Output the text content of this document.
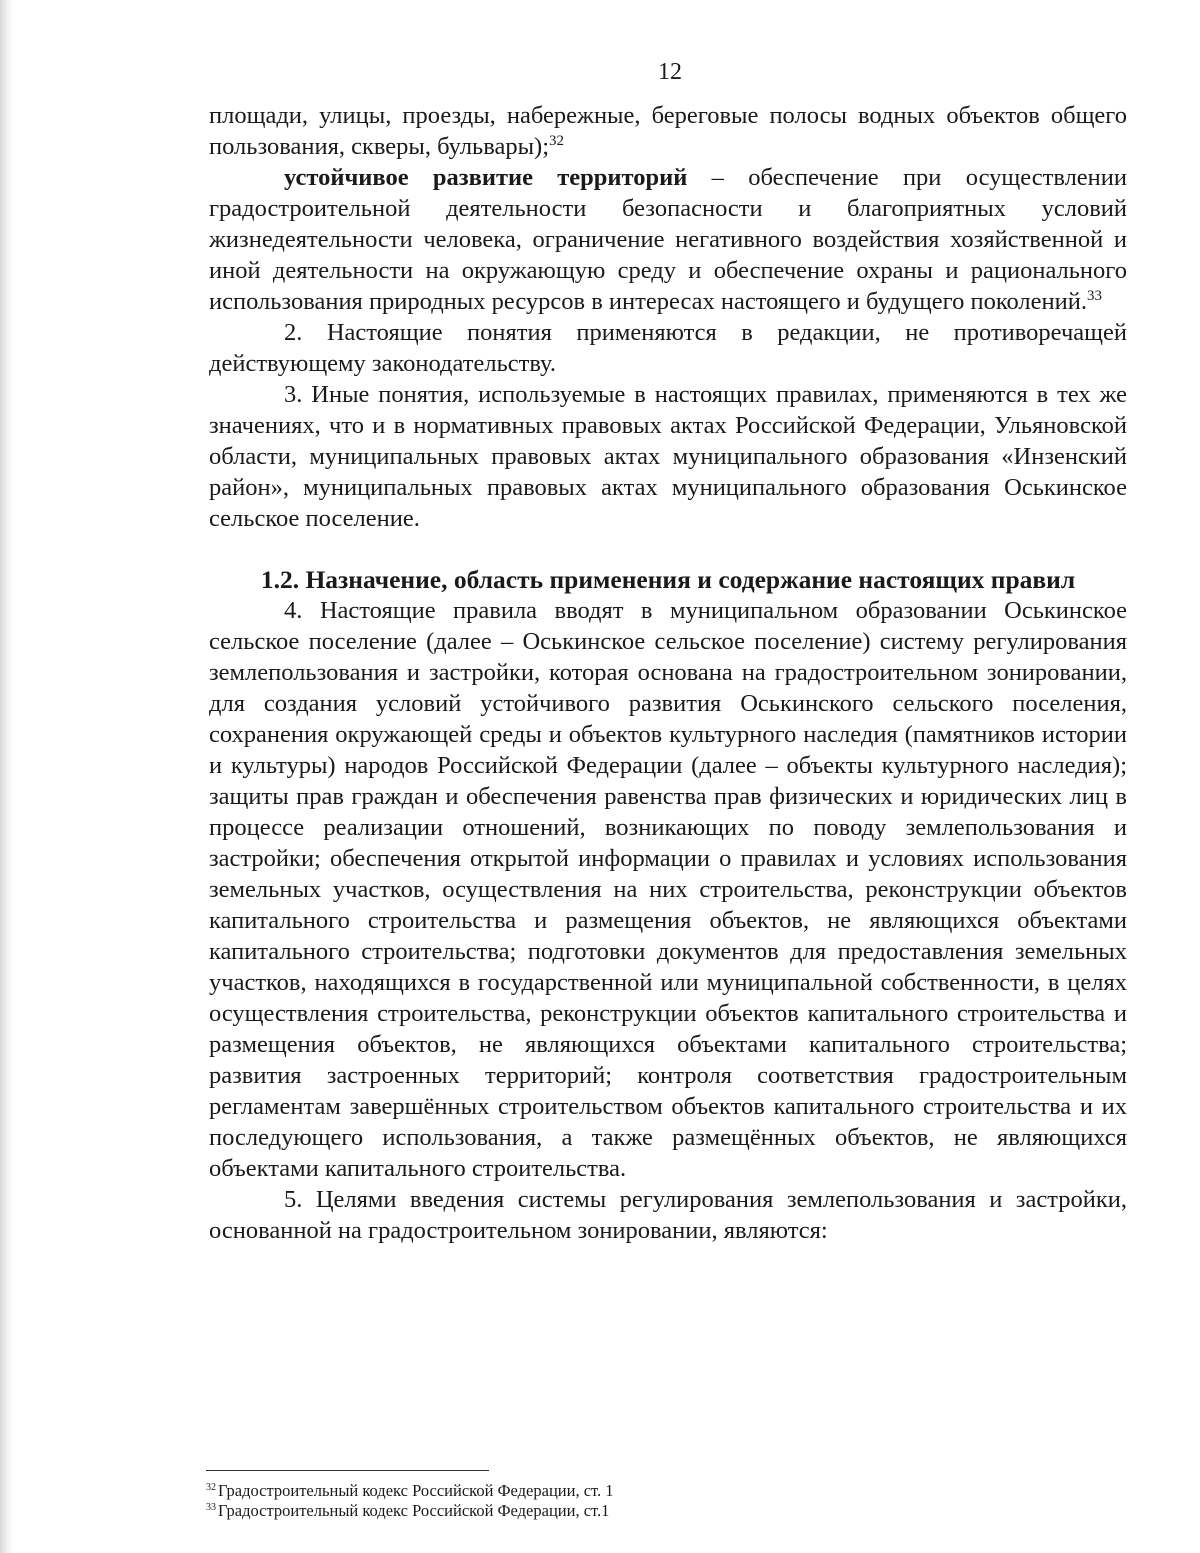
12

площади, улицы, проезды, набережные, береговые полосы водных объектов общего пользования, скверы, бульвары);$^{32}$

устойчивое развитие территорий – обеспечение при осуществлении градостроительной деятельности безопасности и благоприятных условий жизнедеятельности человека, ограничение негативного воздействия хозяйственной и иной деятельности на окружающую среду и обеспечение охраны и рационального использования природных ресурсов в интересах настоящего и будущего поколений.$^{33}$

2. Настоящие понятия применяются в редакции, не противоречащей действующему законодательству.

3. Иные понятия, используемые в настоящих правилах, применяются в тех же значениях, что и в нормативных правовых актах Российской Федерации, Ульяновской области, муниципальных правовых актах муниципального образования «Инзенский район», муниципальных правовых актах муниципального образования Оськинское сельское поселение.

1.2. Назначение, область применения и содержание настоящих правил

4. Настоящие правила вводят в муниципальном образовании Оськинское сельское поселение (далее – Оськинское сельское поселение) систему регулирования землепользования и застройки, которая основана на градостроительном зонировании, для создания условий устойчивого развития Оськинского сельского поселения, сохранения окружающей среды и объектов культурного наследия (памятников истории и культуры) народов Российской Федерации (далее – объекты культурного наследия); защиты прав граждан и обеспечения равенства прав физических и юридических лиц в процессе реализации отношений, возникающих по поводу землепользования и застройки; обеспечения открытой информации о правилах и условиях использования земельных участков, осуществления на них строительства, реконструкции объектов капитального строительства и размещения объектов, не являющихся объектами капитального строительства; подготовки документов для предоставления земельных участков, находящихся в государственной или муниципальной собственности, в целях осуществления строительства, реконструкции объектов капитального строительства и размещения объектов, не являющихся объектами капитального строительства; развития застроенных территорий; контроля соответствия градостроительным регламентам завершённых строительством объектов капитального строительства и их последующего использования, а также размещённых объектов, не являющихся объектами капитального строительства.

5. Целями введения системы регулирования землепользования и застройки, основанной на градостроительном зонировании, являются:

$^{32}$ Градостроительный кодекс Российской Федерации, ст. 1
$^{33}$ Градостроительный кодекс Российской Федерации, ст.1
